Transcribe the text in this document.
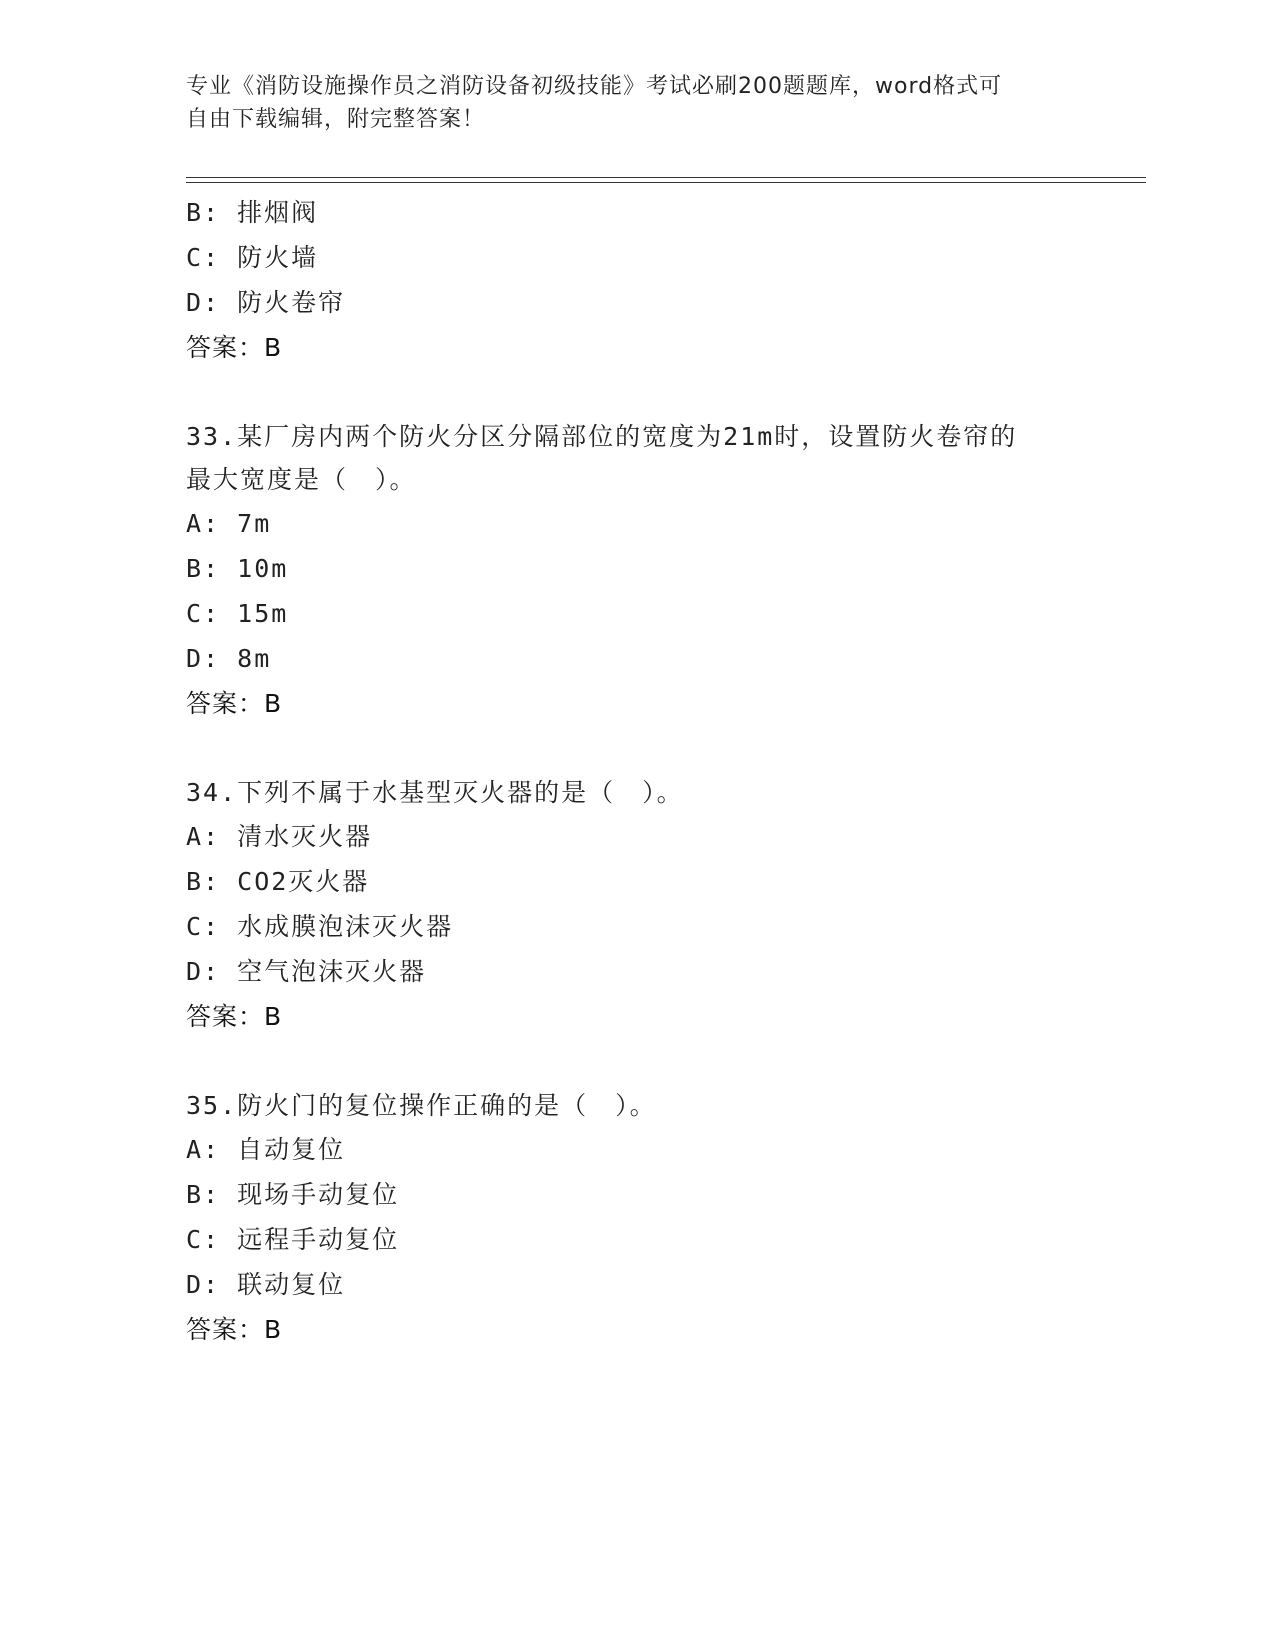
专业《消防设施操作员之消防设备初级技能》考试必刷200题题库，word格式可
自由下载编辑，附完整答案！
B: 排烟阀
C: 防火墙
D: 防火卷帘
答案：B
33.某厂房内两个防火分区分隔部位的宽度为21m时，设置防火卷帘的
最大宽度是（　）。
A: 7m
B: 10m
C: 15m
D: 8m
答案：B
34.下列不属于水基型灭火器的是（　）。
A: 清水灭火器
B: CO2灭火器
C: 水成膜泡沫灭火器
D: 空气泡沫灭火器
答案：B
35.防火门的复位操作正确的是（　）。
A: 自动复位
B: 现场手动复位
C: 远程手动复位
D: 联动复位
答案：B
